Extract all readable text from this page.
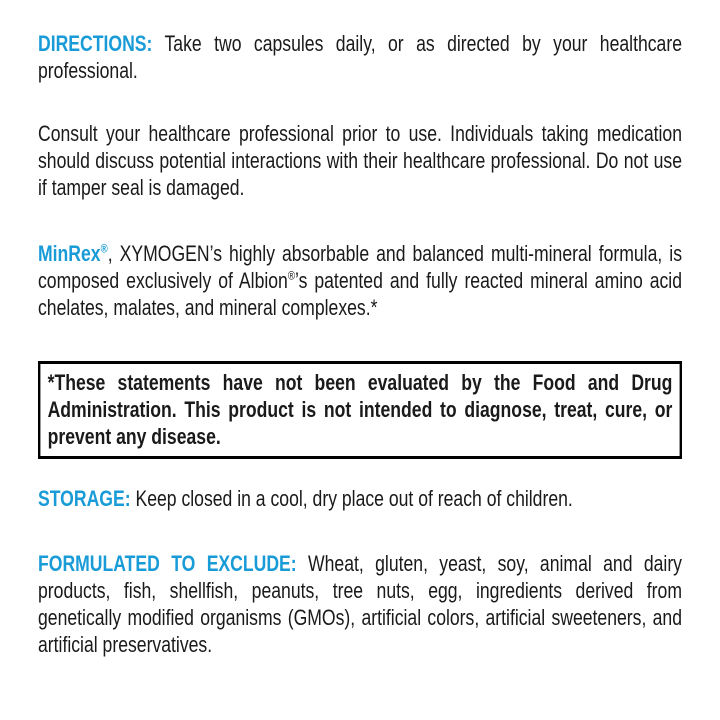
DIRECTIONS: Take two capsules daily, or as directed by your healthcare professional.

Consult your healthcare professional prior to use. Individuals taking medication should discuss potential interactions with their healthcare professional. Do not use if tamper seal is damaged.

MinRex®, XYMOGEN’s highly absorbable and balanced multi-mineral formula, is composed exclusively of Albion®’s patented and fully reacted mineral amino acid chelates, malates, and mineral complexes.*

*These statements have not been evaluated by the Food and Drug Administration. This product is not intended to diagnose, treat, cure, or prevent any disease.

STORAGE: Keep closed in a cool, dry place out of reach of children.

FORMULATED TO EXCLUDE: Wheat, gluten, yeast, soy, animal and dairy products, fish, shellfish, peanuts, tree nuts, egg, ingredients derived from genetically modified organisms (GMOs), artificial colors, artificial sweeteners, and artificial preservatives.
